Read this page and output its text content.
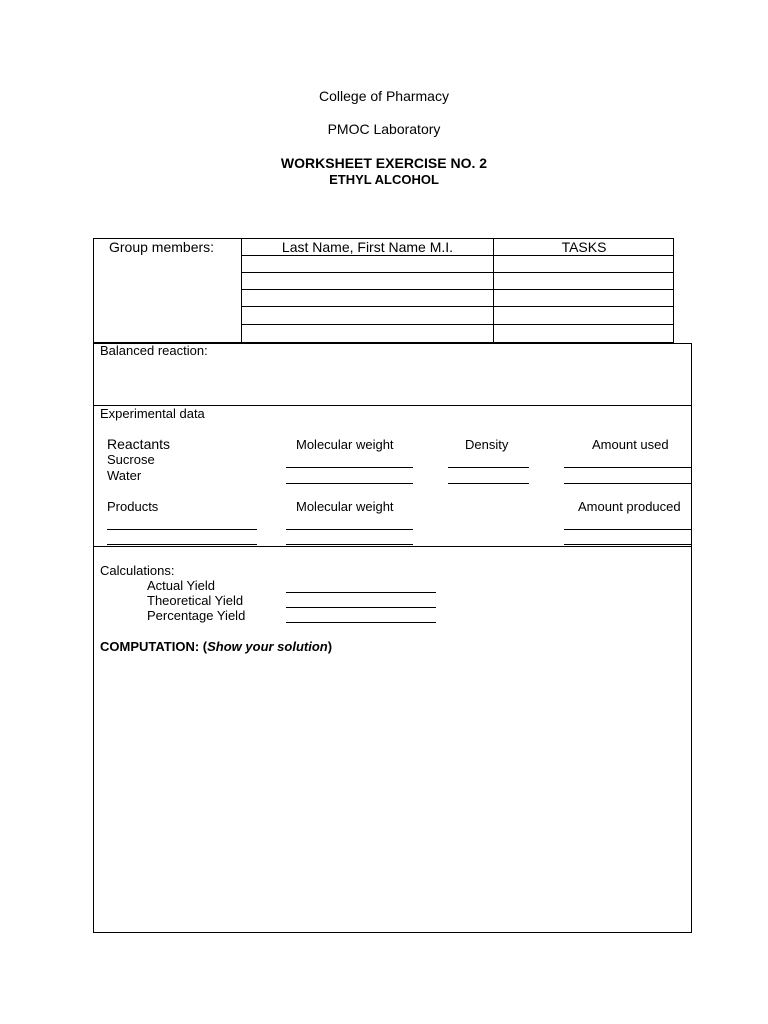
College of Pharmacy
PMOC Laboratory
WORKSHEET EXERCISE NO. 2
ETHYL ALCOHOL
Group members:	Last Name, First Name M.I.	TASKS
Balanced reaction:
Experimental data
Reactants	Molecular weight	Density	Amount used
Sucrose
Water
Products	Molecular weight	Amount produced
Calculations:
Actual Yield
Theoretical Yield
Percentage Yield
COMPUTATION: (Show your solution)
